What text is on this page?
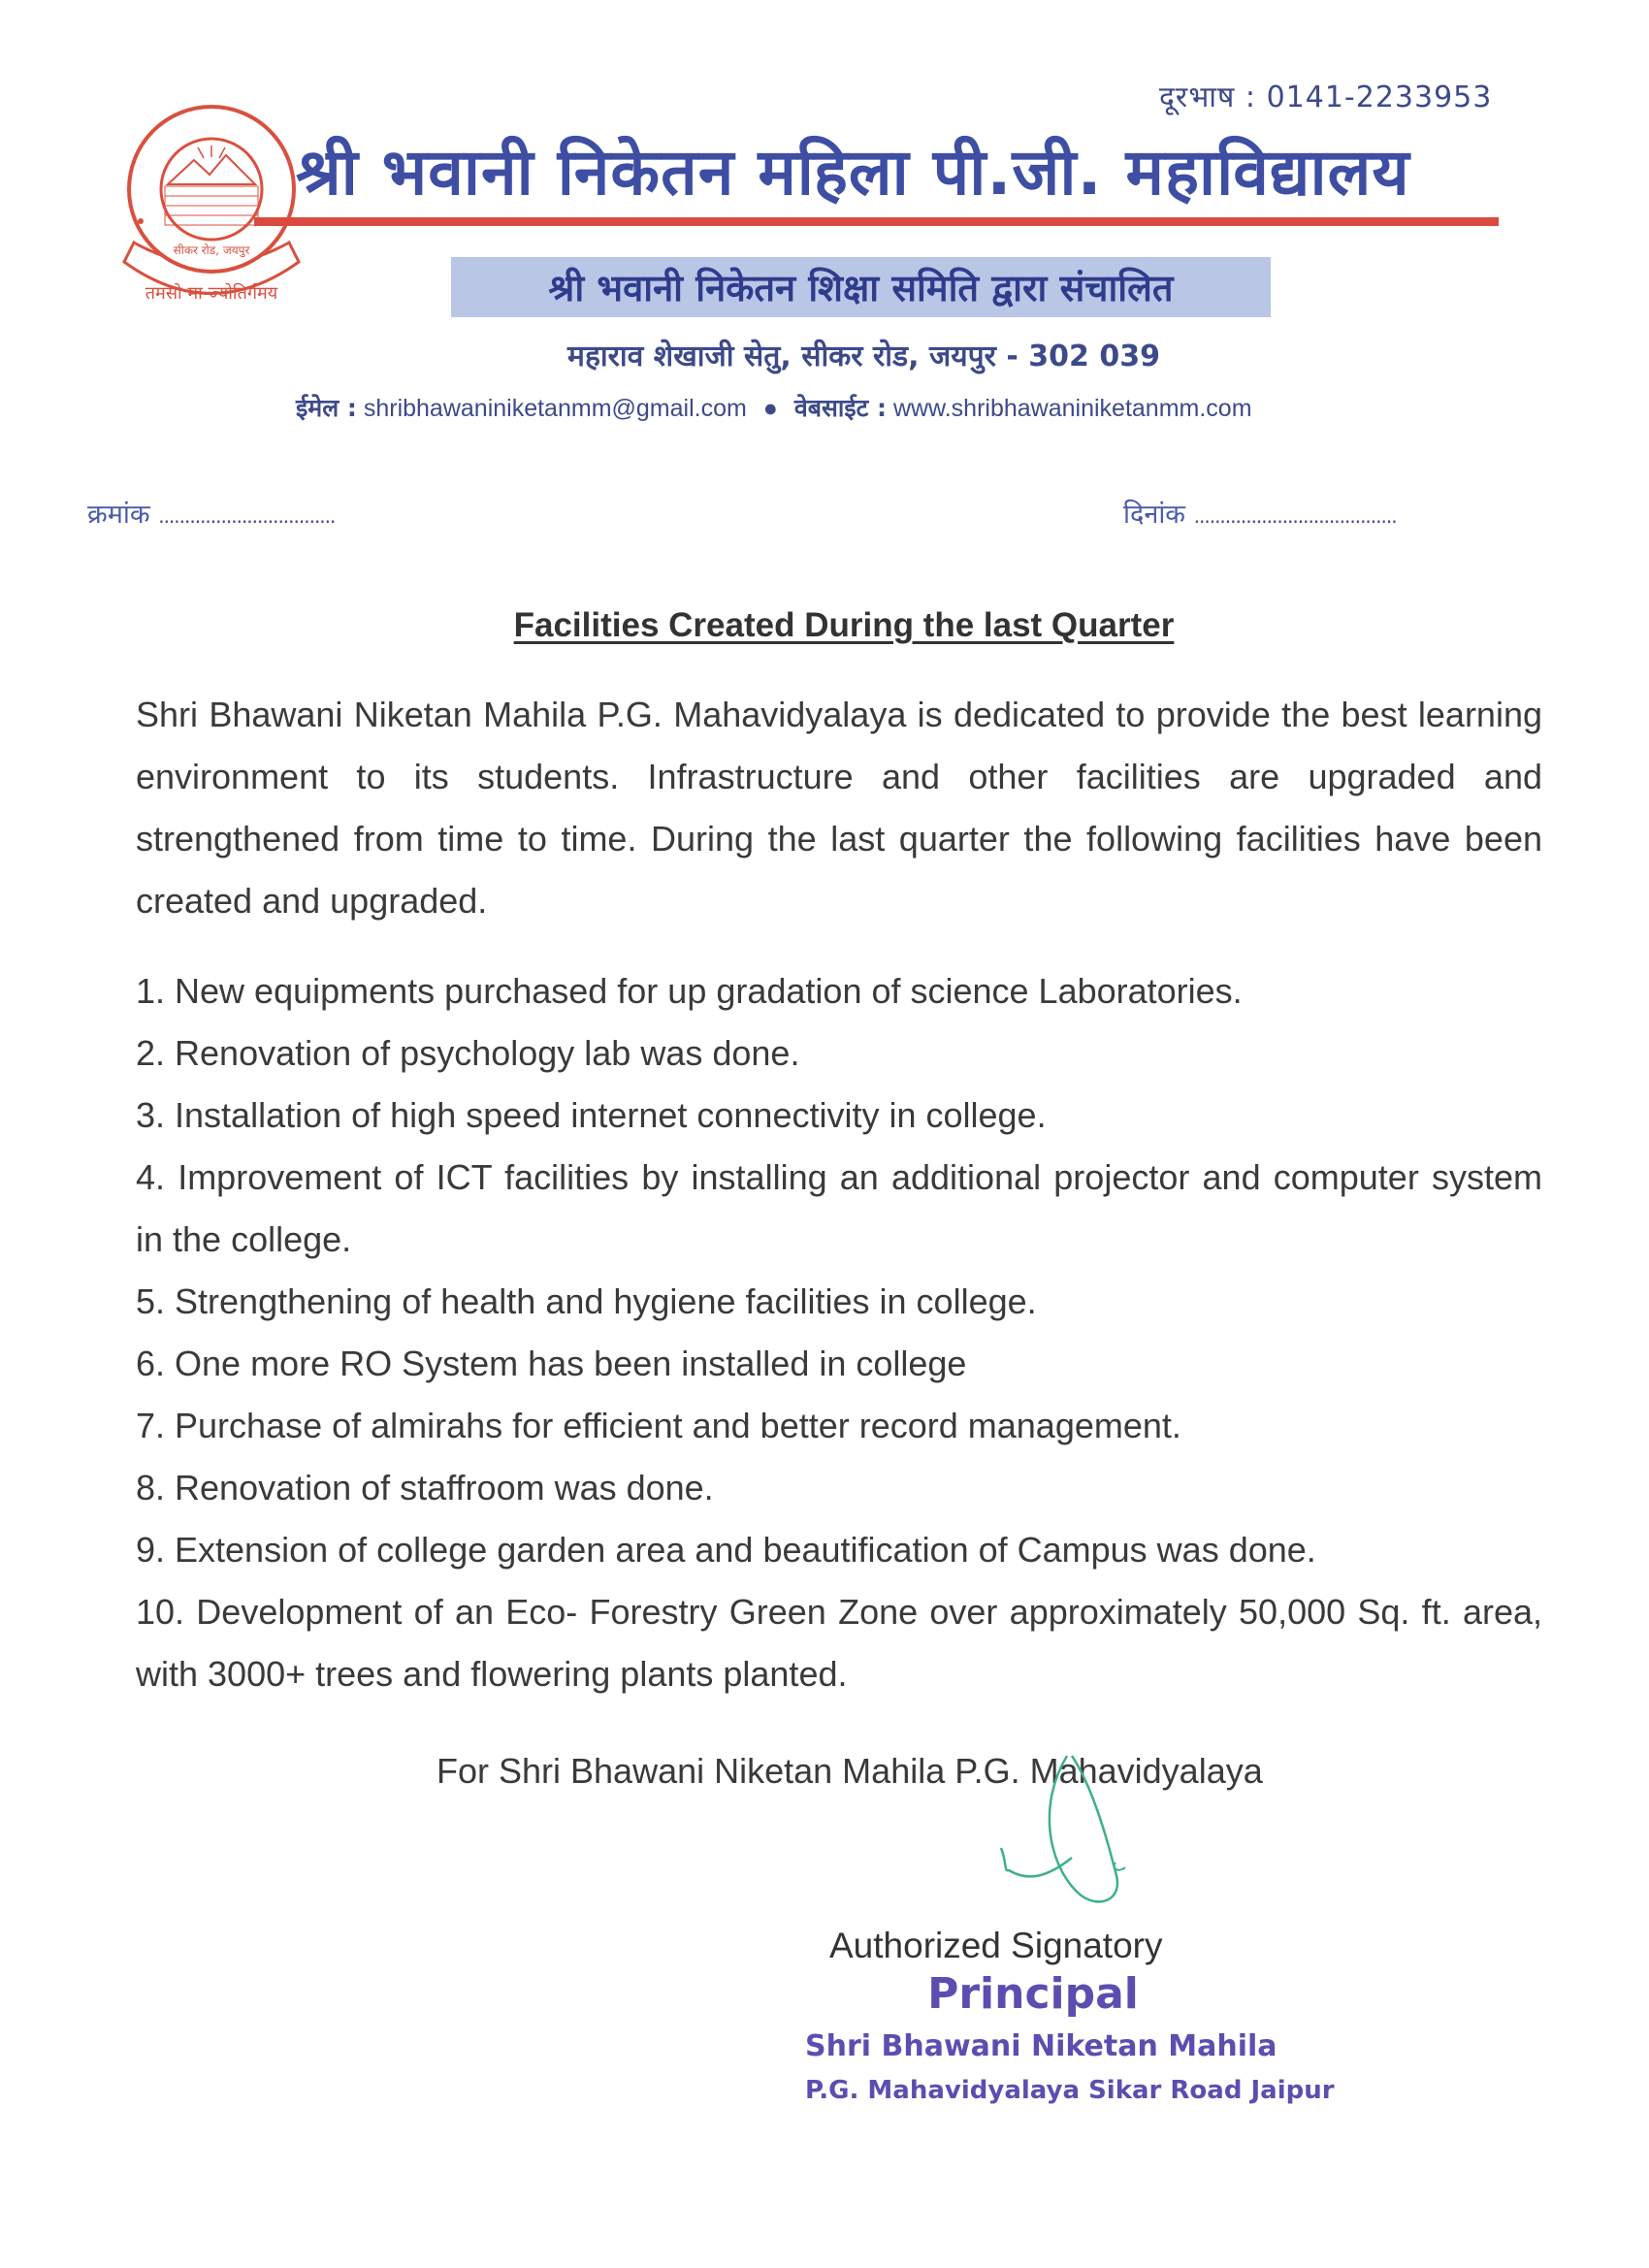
तमसो मा ज्योतिर्गमय
सीकर रोड, जयपुर
दूरभाष : 0141-2233953
श्री भवानी निकेतन महिला पी.जी. महाविद्यालय
श्री भवानी निकेतन शिक्षा समिति द्वारा संचालित
महाराव शेखाजी सेतु, सीकर रोड, जयपुर - 302 039
ईमेल : shribhawaniniketanmm@gmail.com ● वेबसाईट : www.shribhawaniniketanmm.com
क्रमांक ..................................	दिनांक .......................................
Facilities Created During the last Quarter
Shri Bhawani Niketan Mahila P.G. Mahavidyalaya is dedicated to provide the best learning environment to its students. Infrastructure and other facilities are upgraded and strengthened from time to time. During the last quarter the following facilities have been created and upgraded.

1. New equipments purchased for up gradation of science Laboratories.

2. Renovation of psychology lab was done.

3. Installation of high speed internet connectivity in college.

4. Improvement of ICT facilities by installing an additional projector and computer system in the college.

5. Strengthening of health and hygiene facilities in college.

6. One more RO System has been installed in college

7. Purchase of almirahs for efficient and better record management.

8. Renovation of staffroom was done.

9. Extension of college garden area and beautification of Campus was done.

10. Development of an Eco- Forestry Green Zone over approximately 50,000 Sq. ft. area, with 3000+ trees and flowering plants planted.

For Shri Bhawani Niketan Mahila P.G. Mahavidyalaya
Authorized Signatory
Principal
Shri Bhawani Niketan Mahila
P.G. Mahavidyalaya Sikar Road Jaipur
